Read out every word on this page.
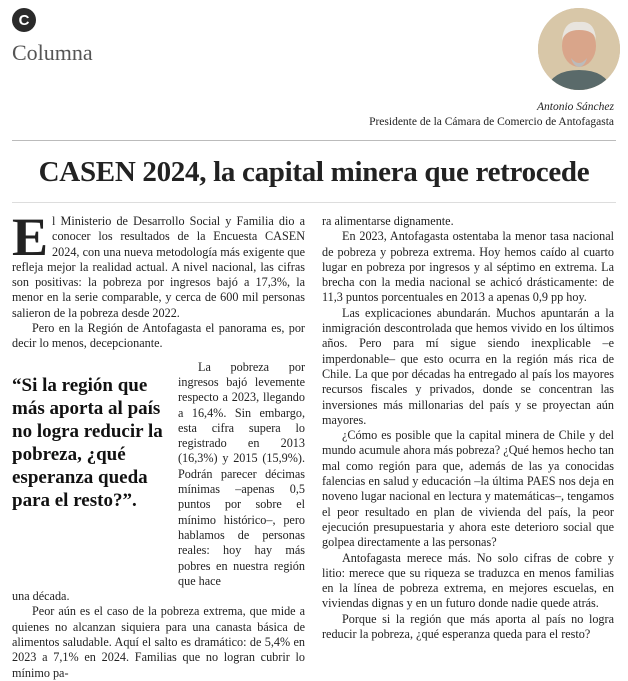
C
Columna
Antonio Sánchez
Presidente de la Cámara de Comercio de Antofagasta
CASEN 2024, la capital minera que retrocede

El Ministerio de Desarrollo Social y Familia dio a conocer los resultados de la Encuesta CASEN 2024, con una nueva metodología más exigente que refleja mejor la realidad actual. A nivel nacional, las cifras son positivas: la pobreza por ingresos bajó a 17,3%, la menor en la serie comparable, y cerca de 600 mil personas salieron de la pobreza desde 2022.

Pero en la Región de Antofagasta el panorama es, por decir lo menos, decepcionante.

“Si la región que más aporta al país no logra reducir la pobreza, ¿qué esperanza queda para el resto?”.

La pobreza por ingresos bajó levemente respecto a 2023, llegando a 16,4%. Sin embargo, esta cifra supera lo registrado en 2013 (16,3%) y 2015 (15,9%). Podrán parecer décimas mínimas –apenas 0,5 puntos por sobre el mínimo histórico–, pero hablamos de personas reales: hoy hay más pobres en nuestra región que hace

una década.

Peor aún es el caso de la pobreza extrema, que mide a quienes no alcanzan siquiera para una canasta básica de alimentos saludable. Aquí el salto es dramático: de 5,4% en 2023 a 7,1% en 2024. Familias que no logran cubrir lo mínimo pa-

ra alimentarse dignamente.

En 2023, Antofagasta ostentaba la menor tasa nacional de pobreza y pobreza extrema. Hoy hemos caído al cuarto lugar en pobreza por ingresos y al séptimo en extrema. La brecha con la media nacional se achicó drásticamente: de 11,3 puntos porcentuales en 2013 a apenas 0,9 pp hoy.

Las explicaciones abundarán. Muchos apuntarán a la inmigración descontrolada que hemos vivido en los últimos años. Pero para mí sigue siendo inexplicable –e imperdonable– que esto ocurra en la región más rica de Chile. La que por décadas ha entregado al país los mayores recursos fiscales y privados, donde se concentran las inversiones más millonarias del país y se proyectan aún mayores.

¿Cómo es posible que la capital minera de Chile y del mundo acumule ahora más pobreza? ¿Qué hemos hecho tan mal como región para que, además de las ya conocidas falencias en salud y educación –la última PAES nos deja en noveno lugar nacional en lectura y matemáticas–, tengamos el peor resultado en plan de vivienda del país, la peor ejecución presupuestaria y ahora este deterioro social que golpea directamente a las personas?

Antofagasta merece más. No solo cifras de cobre y litio: merece que su riqueza se traduzca en menos familias en la línea de pobreza extrema, en mejores escuelas, en viviendas dignas y en un futuro donde nadie quede atrás.

Porque si la región que más aporta al país no logra reducir la pobreza, ¿qué esperanza queda para el resto?
